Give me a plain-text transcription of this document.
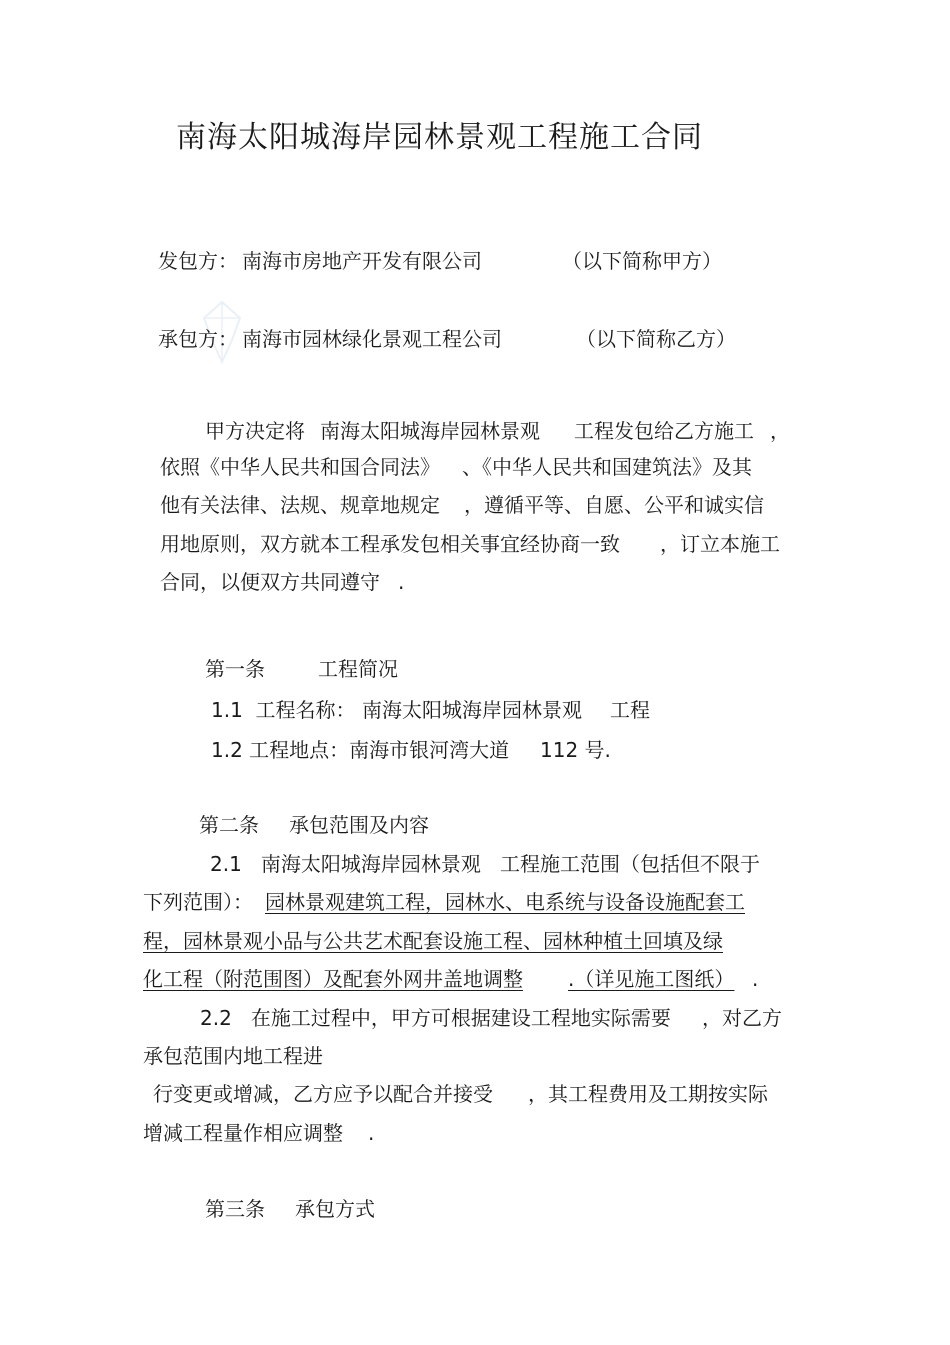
南海太阳城海岸园林景观工程施工合同
发包方： 南海市房地产开发有限公司	（以下简称甲方）
承包方： 南海市园林绿化景观工程公司	（以下简称乙方）
甲方决定将 南海太阳城海岸园林景观 工程发包给乙方施工 ，
依照《中华人民共和国合同法》 、《中华人民共和国建筑法》及其
他有关法律、法规、规章地规定 ，遵循平等、自愿、公平和诚实信
用地原则，双方就本工程承发包相关事宜经协商一致 ，订立本施工
合同，以便双方共同遵守 .
第一条	工程简况
1.1  工程名称： 南海太阳城海岸园林景观 工程
1.2 工程地点：南海市银河湾大道 112 号.
第二条 承包范围及内容
2.1   南海太阳城海岸园林景观 工程施工范围（包括但不限于
下列范围）： 园林景观建筑工程，园林水、电系统与设备设施配套工
程，园林景观小品与公共艺术配套设施工程、园林种植土回填及绿
化工程（附范围图）及配套外网井盖地调整	.（详见施工图纸） .
2.2   在施工过程中，甲方可根据建设工程地实际需要 ，对乙方
承包范围内地工程进
行变更或增减，乙方应予以配合并接受 ，其工程费用及工期按实际
增减工程量作相应调整 .
第三条 承包方式
